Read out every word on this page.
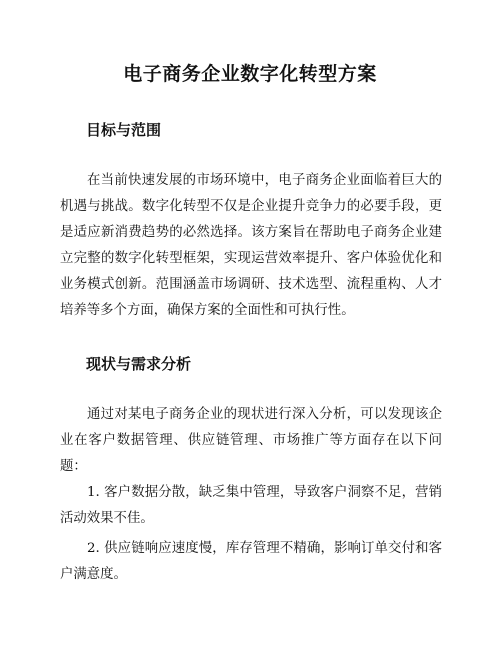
电子商务企业数字化转型方案
目标与范围
在当前快速发展的市场环境中，电子商务企业面临着巨大的机遇与挑战。数字化转型不仅是企业提升竞争力的必要手段，更是适应新消费趋势的必然选择。该方案旨在帮助电子商务企业建立完整的数字化转型框架，实现运营效率提升、客户体验优化和业务模式创新。范围涵盖市场调研、技术选型、流程重构、人才培养等多个方面，确保方案的全面性和可执行性。
现状与需求分析
通过对某电子商务企业的现状进行深入分析，可以发现该企业在客户数据管理、供应链管理、市场推广等方面存在以下问题：
1. 客户数据分散，缺乏集中管理，导致客户洞察不足，营销活动效果不佳。
2. 供应链响应速度慢，库存管理不精确，影响订单交付和客户满意度。
